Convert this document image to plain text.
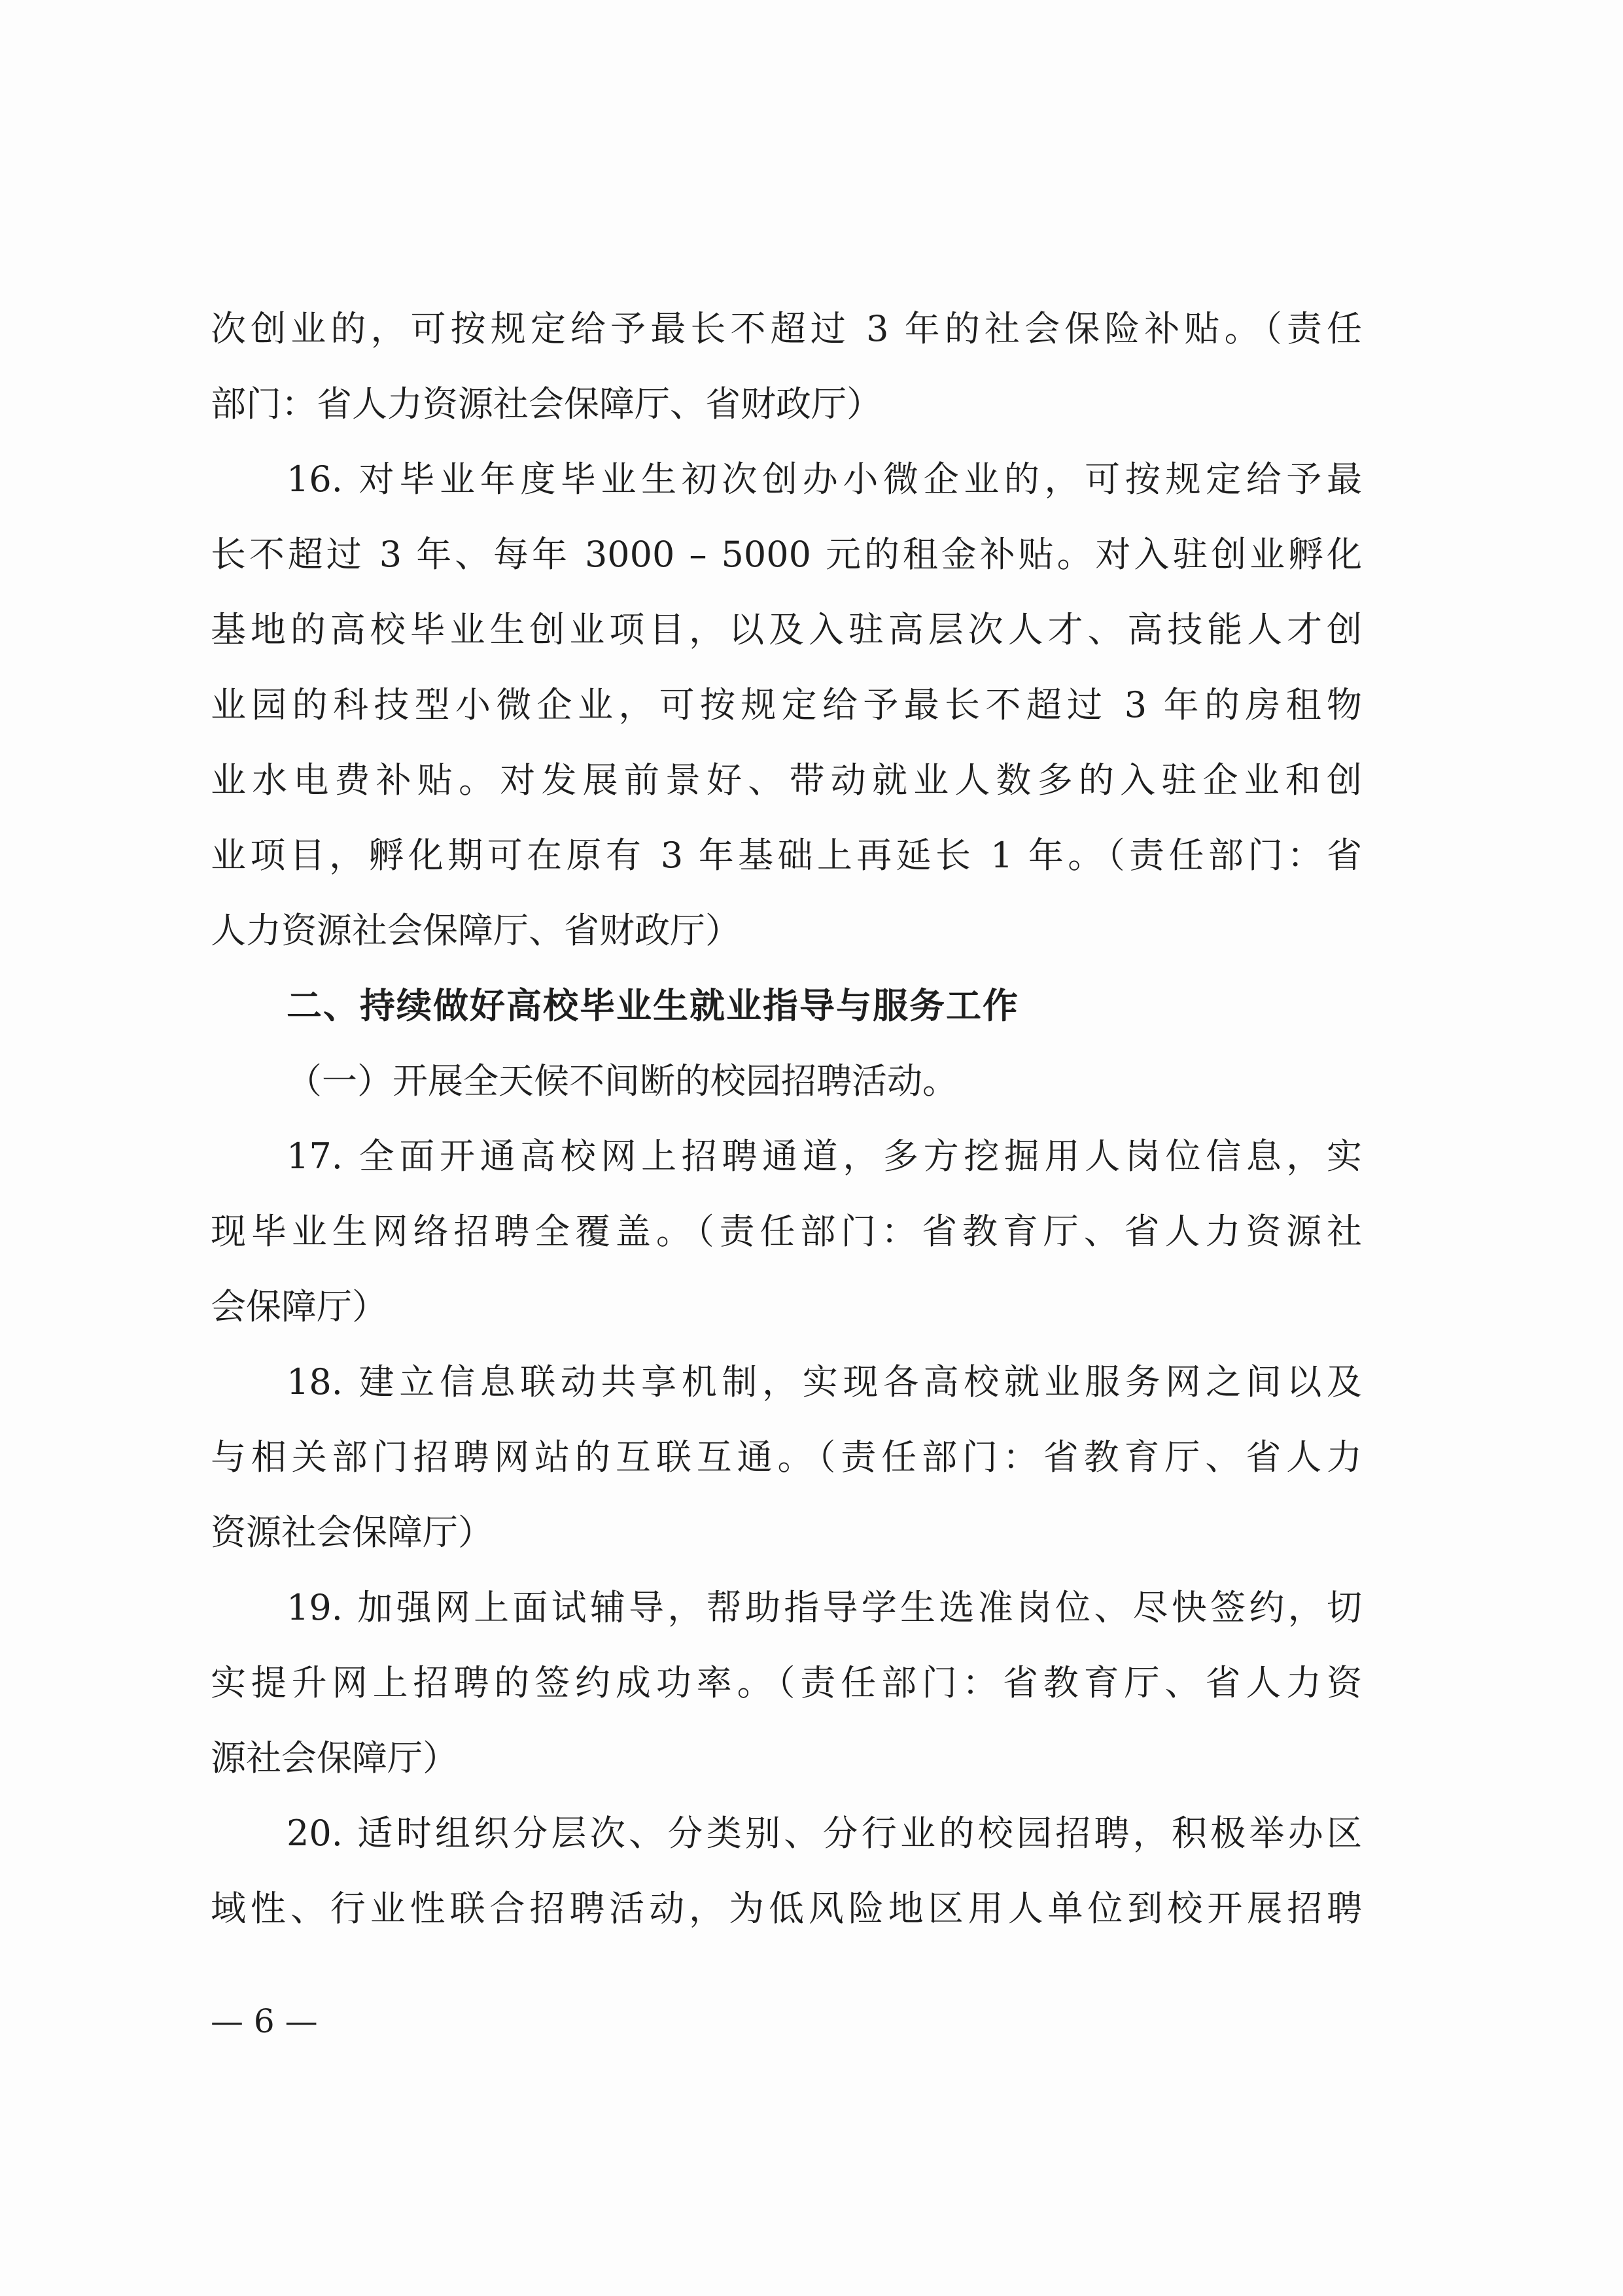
次创业的，可按规定给予最长不超过 3 年的社会保险补贴。（责任
部门：省人力资源社会保障厅、省财政厅）
16. 对毕业年度毕业生初次创办小微企业的，可按规定给予最
长不超过 3 年、每年 3000 – 5000 元的租金补贴。对入驻创业孵化
基地的高校毕业生创业项目，以及入驻高层次人才、高技能人才创
业园的科技型小微企业，可按规定给予最长不超过 3 年的房租物
业水电费补贴。对发展前景好、带动就业人数多的入驻企业和创
业项目，孵化期可在原有 3 年基础上再延长 1 年。（责任部门：省
人力资源社会保障厅、省财政厅）
二、持续做好高校毕业生就业指导与服务工作
（一）开展全天候不间断的校园招聘活动。
17. 全面开通高校网上招聘通道，多方挖掘用人岗位信息，实
现毕业生网络招聘全覆盖。（责任部门：省教育厅、省人力资源社
会保障厅）
18. 建立信息联动共享机制，实现各高校就业服务网之间以及
与相关部门招聘网站的互联互通。（责任部门：省教育厅、省人力
资源社会保障厅）
19. 加强网上面试辅导，帮助指导学生选准岗位、尽快签约，切
实提升网上招聘的签约成功率。（责任部门：省教育厅、省人力资
源社会保障厅）
20. 适时组织分层次、分类别、分行业的校园招聘，积极举办区
域性、行业性联合招聘活动，为低风险地区用人单位到校开展招聘
— 6 —
